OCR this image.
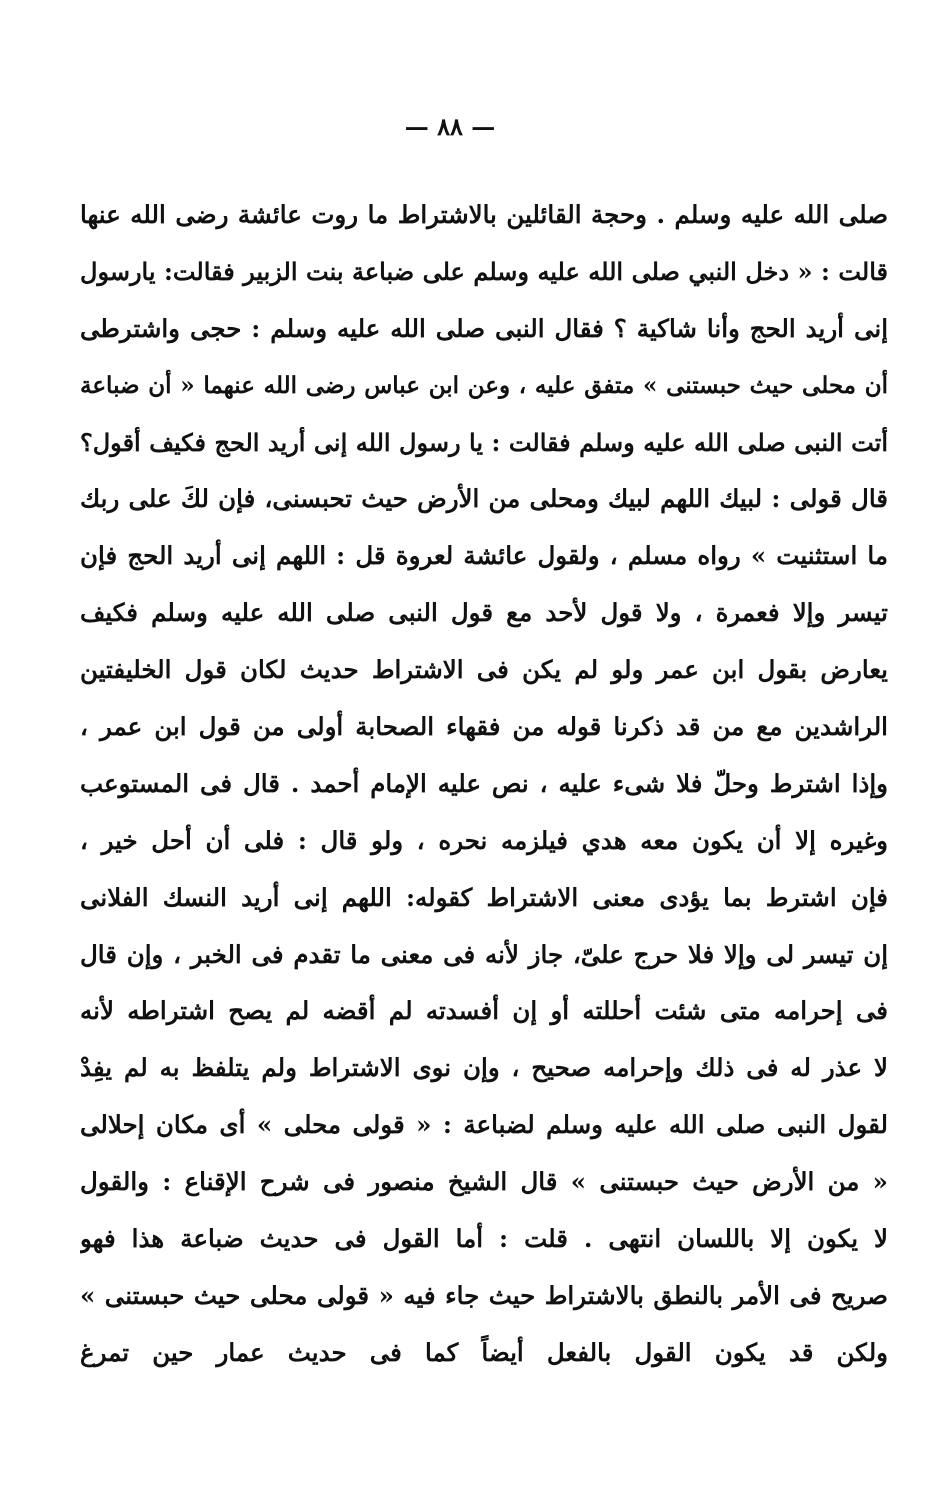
— ٨٨ —
صلى الله عليه وسلم . وحجة القائلين بالاشتراط ما روت عائشة رضى الله عنها
قالت : « دخل النبي صلى الله عليه وسلم على ضباعة بنت الزبير فقالت: يارسول
إنى أريد الحج وأنا شاكية ؟ فقال النبى صلى الله عليه وسلم : حجى واشترطى
أن محلى حيث حبستنى » متفق عليه ، وعن ابن عباس رضى الله عنهما « أن ضباعة
أتت النبى صلى الله عليه وسلم فقالت : يا رسول الله إنى أريد الحج فكيف أقول؟
قال قولى : لبيك اللهم لبيك ومحلى من الأرض حيث تحبسنى، فإن لكَ على ربك
ما استثنيت » رواه مسلم ، ولقول عائشة لعروة قل : اللهم إنى أريد الحج فإن
تيسر وإلا فعمرة ، ولا قول لأحد مع قول النبى صلى الله عليه وسلم فكيف
يعارض بقول ابن عمر ولو لم يكن فى الاشتراط حديث لكان قول الخليفتين
الراشدين مع من قد ذكرنا قوله من فقهاء الصحابة أولى من قول ابن عمر ،
وإذا اشترط وحلّ فلا شىء عليه ، نص عليه الإمام أحمد . قال فى المستوعب
وغيره إلا أن يكون معه هدي فيلزمه نحره ، ولو قال : فلى أن أحل خير ،
فإن اشترط بما يؤدى معنى الاشتراط كقوله: اللهم إنى أريد النسك الفلانى
إن تيسر لى وإلا فلا حرج علىّ، جاز لأنه فى معنى ما تقدم فى الخبر ، وإن قال
فى إحرامه متى شئت أحللته أو إن أفسدته لم أقضه لم يصح اشتراطه لأنه
لا عذر له فى ذلك وإحرامه صحيح ، وإن نوى الاشتراط ولم يتلفظ به لم يفِدْ
لقول النبى صلى الله عليه وسلم لضباعة : « قولى محلى » أى مكان إحلالى
« من الأرض حيث حبستنى » قال الشيخ منصور فى شرح الإقناع : والقول
لا يكون إلا باللسان انتهى . قلت : أما القول فى حديث ضباعة هذا فهو
صريح فى الأمر بالنطق بالاشتراط حيث جاء فيه « قولى محلى حيث حبستنى »
ولكن قد يكون القول بالفعل أيضاً كما فى حديث عمار حين تمرغ
